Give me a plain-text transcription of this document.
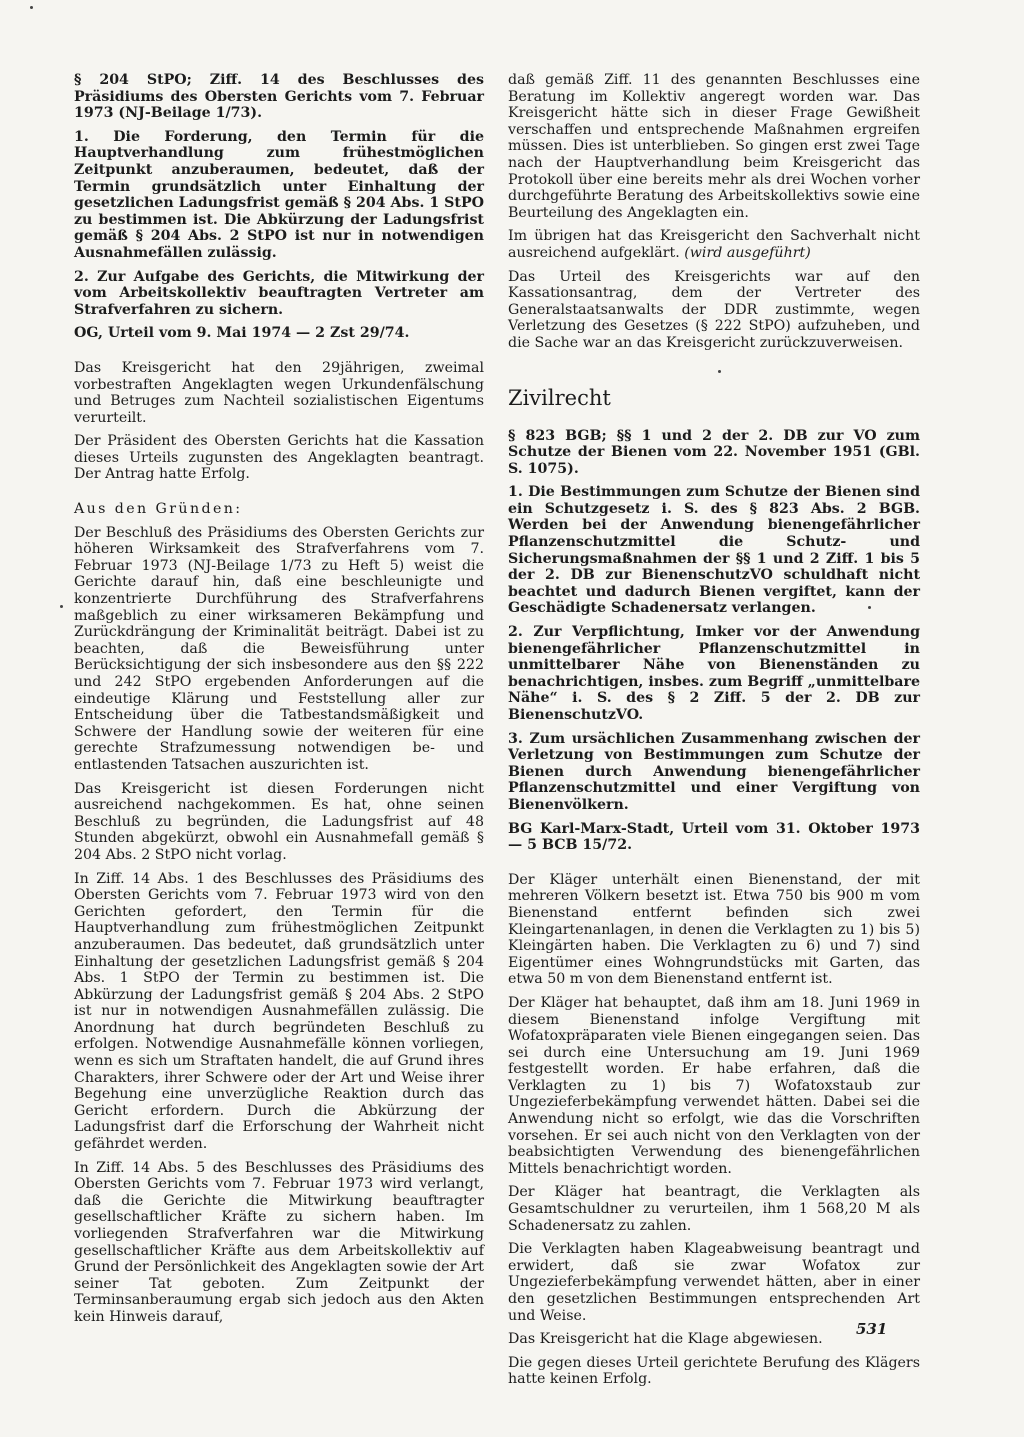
§ 204 StPO; Ziff. 14 des Beschlusses des Präsidiums des Obersten Gerichts vom 7. Februar 1973 (NJ-Beilage 1/73).

1. Die Forderung, den Termin für die Hauptverhandlung zum frühestmöglichen Zeitpunkt anzuberaumen, bedeutet, daß der Termin grundsätzlich unter Einhaltung der gesetzlichen Ladungsfrist gemäß § 204 Abs. 1 StPO zu bestimmen ist. Die Abkürzung der Ladungsfrist gemäß § 204 Abs. 2 StPO ist nur in notwendigen Ausnahmefällen zulässig.

2. Zur Aufgabe des Gerichts, die Mitwirkung der vom Arbeitskollektiv beauftragten Vertreter am Strafverfahren zu sichern.

OG, Urteil vom 9. Mai 1974 — 2 Zst 29/74.

Das Kreisgericht hat den 29jährigen, zweimal vorbestraften Angeklagten wegen Urkundenfälschung und Betruges zum Nachteil sozialistischen Eigentums verurteilt.

Der Präsident des Obersten Gerichts hat die Kassation dieses Urteils zugunsten des Angeklagten beantragt. Der Antrag hatte Erfolg.

Aus den Gründen:

Der Beschluß des Präsidiums des Obersten Gerichts zur höheren Wirksamkeit des Strafverfahrens vom 7. Februar 1973 (NJ-Beilage 1/73 zu Heft 5) weist die Gerichte darauf hin, daß eine beschleunigte und konzentrierte Durchführung des Strafverfahrens maßgeblich zu einer wirksameren Bekämpfung und Zurückdrängung der Kriminalität beiträgt. Dabei ist zu beachten, daß die Beweisführung unter Berücksichtigung der sich insbesondere aus den §§ 222 und 242 StPO ergebenden Anforderungen auf die eindeutige Klärung und Feststellung aller zur Entscheidung über die Tatbestandsmäßigkeit und Schwere der Handlung sowie der weiteren für eine gerechte Strafzumessung notwendigen be- und entlastenden Tatsachen auszurichten ist.

Das Kreisgericht ist diesen Forderungen nicht ausreichend nachgekommen. Es hat, ohne seinen Beschluß zu begründen, die Ladungsfrist auf 48 Stunden abgekürzt, obwohl ein Ausnahmefall gemäß § 204 Abs. 2 StPO nicht vorlag.

In Ziff. 14 Abs. 1 des Beschlusses des Präsidiums des Obersten Gerichts vom 7. Februar 1973 wird von den Gerichten gefordert, den Termin für die Hauptverhandlung zum frühestmöglichen Zeitpunkt anzuberaumen. Das bedeutet, daß grundsätzlich unter Einhaltung der gesetzlichen Ladungsfrist gemäß § 204 Abs. 1 StPO der Termin zu bestimmen ist. Die Abkürzung der Ladungsfrist gemäß § 204 Abs. 2 StPO ist nur in notwendigen Ausnahmefällen zulässig. Die Anordnung hat durch begründeten Beschluß zu erfolgen. Notwendige Ausnahmefälle können vorliegen, wenn es sich um Straftaten handelt, die auf Grund ihres Charakters, ihrer Schwere oder der Art und Weise ihrer Begehung eine unverzügliche Reaktion durch das Gericht erfordern. Durch die Abkürzung der Ladungsfrist darf die Erforschung der Wahrheit nicht gefährdet werden.

In Ziff. 14 Abs. 5 des Beschlusses des Präsidiums des Obersten Gerichts vom 7. Februar 1973 wird verlangt, daß die Gerichte die Mitwirkung beauftragter gesellschaftlicher Kräfte zu sichern haben. Im vorliegenden Strafverfahren war die Mitwirkung gesellschaftlicher Kräfte aus dem Arbeitskollektiv auf Grund der Persönlichkeit des Angeklagten sowie der Art seiner Tat geboten. Zum Zeitpunkt der Terminsanberaumung ergab sich jedoch aus den Akten kein Hinweis darauf,

daß gemäß Ziff. 11 des genannten Beschlusses eine Beratung im Kollektiv angeregt worden war. Das Kreisgericht hätte sich in dieser Frage Gewißheit verschaffen und entsprechende Maßnahmen ergreifen müssen. Dies ist unterblieben. So gingen erst zwei Tage nach der Hauptverhandlung beim Kreisgericht das Protokoll über eine bereits mehr als drei Wochen vorher durchgeführte Beratung des Arbeitskollektivs sowie eine Beurteilung des Angeklagten ein.

Im übrigen hat das Kreisgericht den Sachverhalt nicht ausreichend aufgeklärt. (wird ausgeführt)

Das Urteil des Kreisgerichts war auf den Kassationsantrag, dem der Vertreter des Generalstaatsanwalts der DDR zustimmte, wegen Verletzung des Gesetzes (§ 222 StPO) aufzuheben, und die Sache war an das Kreisgericht zurückzuverweisen.

Zivilrecht

§ 823 BGB; §§ 1 und 2 der 2. DB zur VO zum Schutze der Bienen vom 22. November 1951 (GBl. S. 1075).

1. Die Bestimmungen zum Schutze der Bienen sind ein Schutzgesetz i. S. des § 823 Abs. 2 BGB. Werden bei der Anwendung bienengefährlicher Pflanzenschutzmittel die Schutz- und Sicherungsmaßnahmen der §§ 1 und 2 Ziff. 1 bis 5 der 2. DB zur BienenschutzVO schuldhaft nicht beachtet und dadurch Bienen vergiftet, kann der Geschädigte Schadenersatz verlangen.

2. Zur Verpflichtung, Imker vor der Anwendung bienengefährlicher Pflanzenschutzmittel in unmittelbarer Nähe von Bienenständen zu benachrichtigen, insbes. zum Begriff „unmittelbare Nähe“ i. S. des § 2 Ziff. 5 der 2. DB zur BienenschutzVO.

3. Zum ursächlichen Zusammenhang zwischen der Verletzung von Bestimmungen zum Schutze der Bienen durch Anwendung bienengefährlicher Pflanzenschutzmittel und einer Vergiftung von Bienenvölkern.

BG Karl-Marx-Stadt, Urteil vom 31. Oktober 1973 — 5 BCB 15/72.

Der Kläger unterhält einen Bienenstand, der mit mehreren Völkern besetzt ist. Etwa 750 bis 900 m vom Bienenstand entfernt befinden sich zwei Kleingartenanlagen, in denen die Verklagten zu 1) bis 5) Kleingärten haben. Die Verklagten zu 6) und 7) sind Eigentümer eines Wohngrundstücks mit Garten, das etwa 50 m von dem Bienenstand entfernt ist.

Der Kläger hat behauptet, daß ihm am 18. Juni 1969 in diesem Bienenstand infolge Vergiftung mit Wofatoxpräparaten viele Bienen eingegangen seien. Das sei durch eine Untersuchung am 19. Juni 1969 festgestellt worden. Er habe erfahren, daß die Verklagten zu 1) bis 7) Wofatoxstaub zur Ungezieferbekämpfung verwendet hätten. Dabei sei die Anwendung nicht so erfolgt, wie das die Vorschriften vorsehen. Er sei auch nicht von den Verklagten von der beabsichtigten Verwendung des bienengefährlichen Mittels benachrichtigt worden.

Der Kläger hat beantragt, die Verklagten als Gesamtschuldner zu verurteilen, ihm 1 568,20 M als Schadenersatz zu zahlen.

Die Verklagten haben Klageabweisung beantragt und erwidert, daß sie zwar Wofatox zur Ungezieferbekämpfung verwendet hätten, aber in einer den gesetzlichen Bestimmungen entsprechenden Art und Weise.

Das Kreisgericht hat die Klage abgewiesen.

Die gegen dieses Urteil gerichtete Berufung des Klägers hatte keinen Erfolg.

531
